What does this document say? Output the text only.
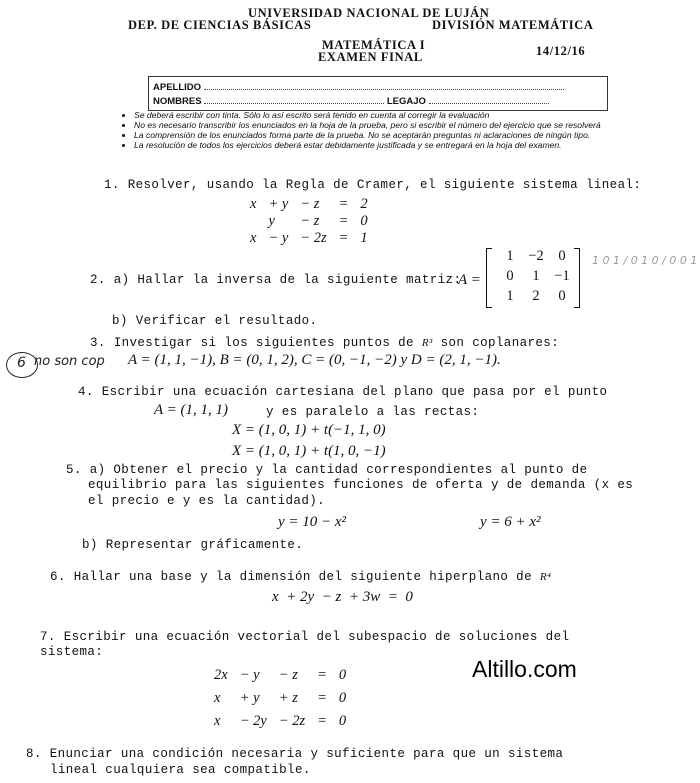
UNIVERSIDAD NACIONAL DE LUJÁN
DEP. DE CIENCIAS BÁSICAS	DIVISIÓN MATEMÁTICA
MATEMÁTICA I
EXAMEN FINAL	14/12/16
APELLIDO
NOMBRES	LEGAJO
• Se deberá escribir con tinta. Sólo lo así escrito será tenido en cuenta al corregir la evaluación
• No es necesario transcribir los enunciados en la hoja de la prueba, pero si escribir el número del ejercicio que se resolverá
• La comprensión de los enunciados forma parte de la prueba. No se aceptarán preguntas ni aclaraciones de ningún tipo.
• La resolución de todos los ejercicios deberá estar debidamente justificada y se entregará en la hoja del examen.
1. Resolver, usando la Regla de Cramer, el siguiente sistema lineal:
x	+ y	− z	=	2
	y	− z	=	0
x	− y	− 2z	=	1
2. a) Hallar la inversa de la siguiente matriz:
A =
1 −2 0
0 1 −1
1 2 0
1 0 1 / 0 1 0 / 0 0 1
b) Verificar el resultado.
3. Investigar si los siguientes puntos de R³ son coplanares:
6 no son cop A = (1, 1, −1), B = (0, 1, 2), C = (0, −1, −2) y D = (2, 1, −1).
4. Escribir una ecuación cartesiana del plano que pasa por el punto
A = (1, 1, 1)	y es paralelo a las rectas:
X = (1, 0, 1) + t(−1, 1, 0)
X = (1, 0, 1) + t(1, 0, −1)
5. a) Obtener el precio y la cantidad correspondientes al punto de
equilibrio para las siguientes funciones de oferta y de demanda (x es
el precio e y es la cantidad).
y = 10 − x²	y = 6 + x²
b) Representar gráficamente.
6. Hallar una base y la dimensión del siguiente hiperplano de R⁴
x  + 2y  − z  + 3w  =  0
7. Escribir una ecuación vectorial del subespacio de soluciones del
sistema:
2x	− y	− z	=	0
x	+ y	+ z	=	0
x	− 2y	− 2z	=	0
Altillo.com
8. Enunciar una condición necesaria y suficiente para que un sistema
lineal cualquiera sea compatible.
